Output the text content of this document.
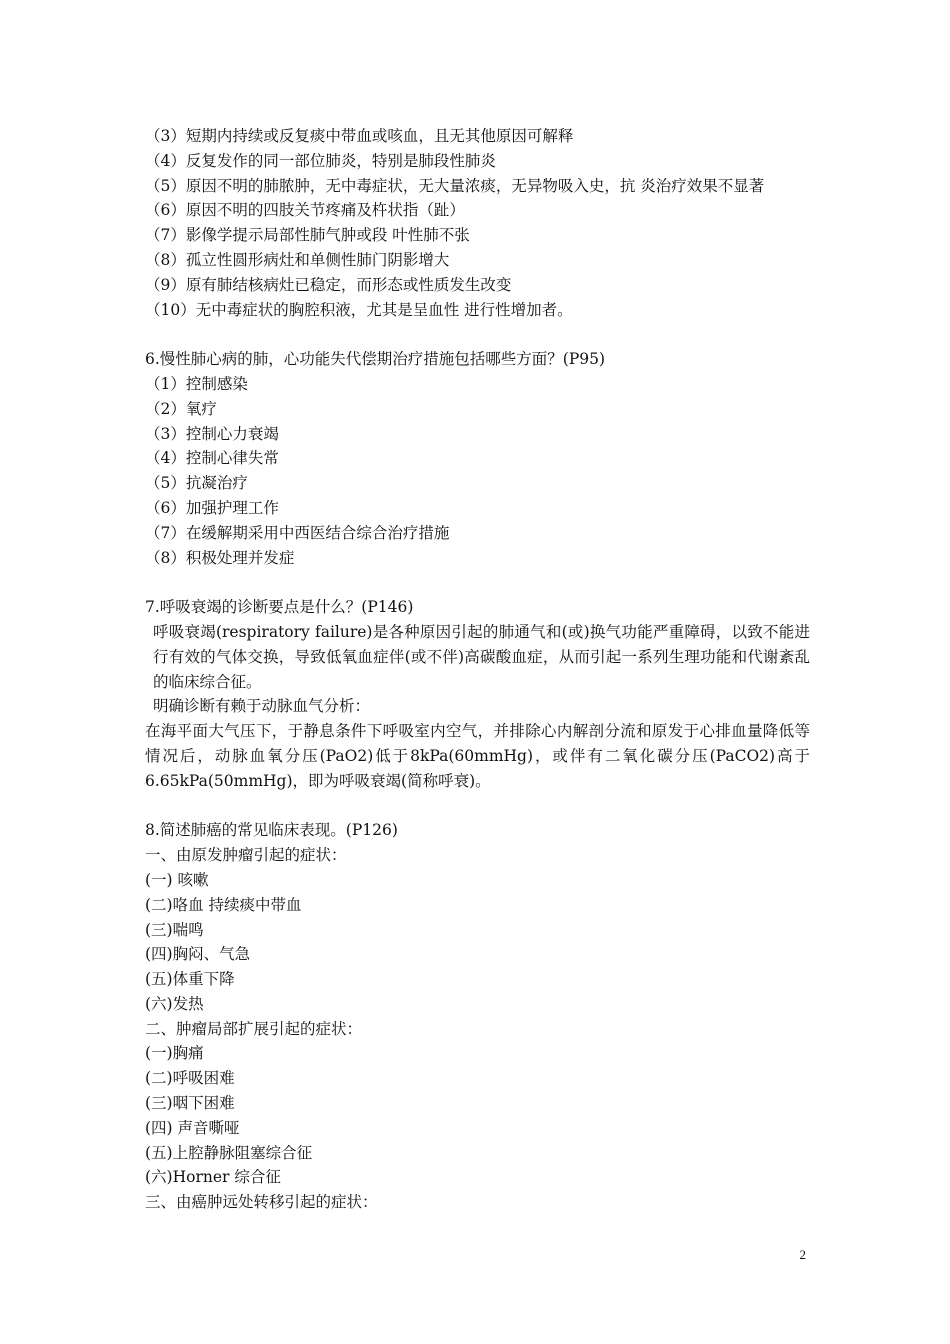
（3）短期内持续或反复痰中带血或咳血，且无其他原因可解释
（4）反复发作的同一部位肺炎，特别是肺段性肺炎
（5）原因不明的肺脓肿，无中毒症状，无大量浓痰，无异物吸入史，抗 炎治疗效果不显著
（6）原因不明的四肢关节疼痛及杵状指（趾）
（7）影像学提示局部性肺气肿或段 叶性肺不张
（8）孤立性圆形病灶和单侧性肺门阴影增大
（9）原有肺结核病灶已稳定，而形态或性质发生改变
（10）无中毒症状的胸腔积液，尤其是呈血性 进行性增加者。
6.慢性肺心病的肺，心功能失代偿期治疗措施包括哪些方面？(P95)
（1）控制感染
（2）氧疗
（3）控制心力衰竭
（4）控制心律失常
（5）抗凝治疗
（6）加强护理工作
（7）在缓解期采用中西医结合综合治疗措施
（8）积极处理并发症
7.呼吸衰竭的诊断要点是什么？(P146)
呼吸衰竭(respiratory failure)是各种原因引起的肺通气和(或)换气功能严重障碍，以致不能进行有效的气体交换，导致低氧血症伴(或不伴)高碳酸血症，从而引起一系列生理功能和代谢紊乱的临床综合征。
明确诊断有赖于动脉血气分析：
在海平面大气压下，于静息条件下呼吸室内空气，并排除心内解剖分流和原发于心排血量降低等情况后，动脉血氧分压(PaO2)低于8kPa(60mmHg)，或伴有二氧化碳分压(PaCO2)高于6.65kPa(50mmHg)，即为呼吸衰竭(简称呼衰)。
8.简述肺癌的常见临床表现。(P126)
一、由原发肿瘤引起的症状：
(一) 咳嗽
(二)咯血 持续痰中带血
(三)喘鸣
(四)胸闷、气急
(五)体重下降
(六)发热
二、肿瘤局部扩展引起的症状：
(一)胸痛
(二)呼吸困难
(三)咽下困难
(四) 声音嘶哑
(五)上腔静脉阻塞综合征
(六)Horner 综合征
三、由癌肿远处转移引起的症状：
2
